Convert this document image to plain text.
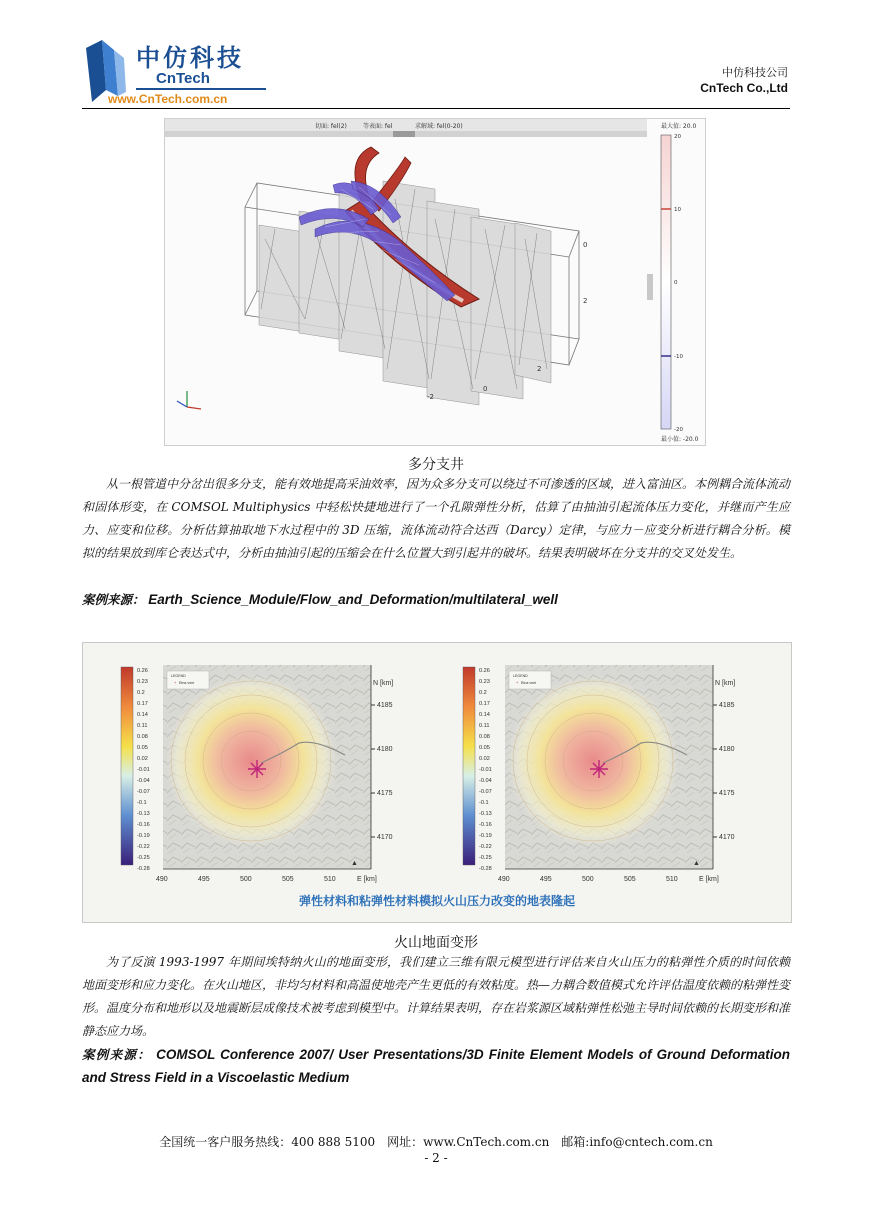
中仿科技
CnTech
www.CnTech.com.cn
中仿科技公司
CnTech Co.,Ltd
切面: fel(2)	等表面: fel	求解域: fel(0-20)
-2
0
2
2
0
最大值: 20.0
最小值: -20.0
20
10
0
-10
-20
多分支井
从一根管道中分岔出很多分支，能有效地提高采油效率，因为众多分支可以绕过不可渗透的区域，进入富油区。本例耦合流体流动和固体形变，在 COMSOL Multiphysics 中轻松快捷地进行了一个孔隙弹性分析，估算了由抽油引起流体压力变化，并继而产生应力、应变和位移。分析估算抽取地下水过程中的 3D 压缩，流体流动符合达西（Darcy）定律，与应力－应变分析进行耦合分析。模拟的结果放到库仑表达式中，分析由抽油引起的压缩会在什么位置大到引起井的破坏。结果表明破坏在分支井的交叉处发生。
案例来源： Earth_Science_Module/Flow_and_Deformation/multilateral_well
0.26
0.23
0.2
0.17
0.14
0.11
0.08
0.05
0.02
-0.01
-0.04
-0.07
-0.1
-0.13
-0.16
-0.19
-0.22
-0.25
-0.28
LEGEND
+ Etna vent	N [km]
4185
4180
4175
4170
490	495	500	505	510	E [km]
▲
0.26
0.23
0.2
0.17
0.14
0.11
0.08
0.05
0.02
-0.01
-0.04
-0.07
-0.1
-0.13
-0.16
-0.19
-0.22
-0.25
-0.28
LEGEND
+ Etna vent	N [km]
4185
4180
4175
4170
490	495	500	505	510	E [km]
▲
弹性材料和粘弹性材料模拟火山压力改变的地表隆起
火山地面变形
为了反演 1993-1997 年期间埃特纳火山的地面变形，我们建立三维有限元模型进行评估来自火山压力的粘弹性介质的时间依赖地面变形和应力变化。在火山地区，非均匀材料和高温使地壳产生更低的有效粘度。热—力耦合数值模式允许评估温度依赖的粘弹性变形。温度分布和地形以及地震断层成像技术被考虑到模型中。计算结果表明，存在岩浆源区域粘弹性松弛主导时间依赖的长期变形和准静态应力场。
案例来源： COMSOL Conference 2007/ User Presentations/3D Finite Element Models of Ground Deformation and Stress Field in a Viscoelastic Medium
全国统一客户服务热线：400 888 5100　网址：www.CnTech.com.cn　邮箱:info@cntech.com.cn
- 2 -
